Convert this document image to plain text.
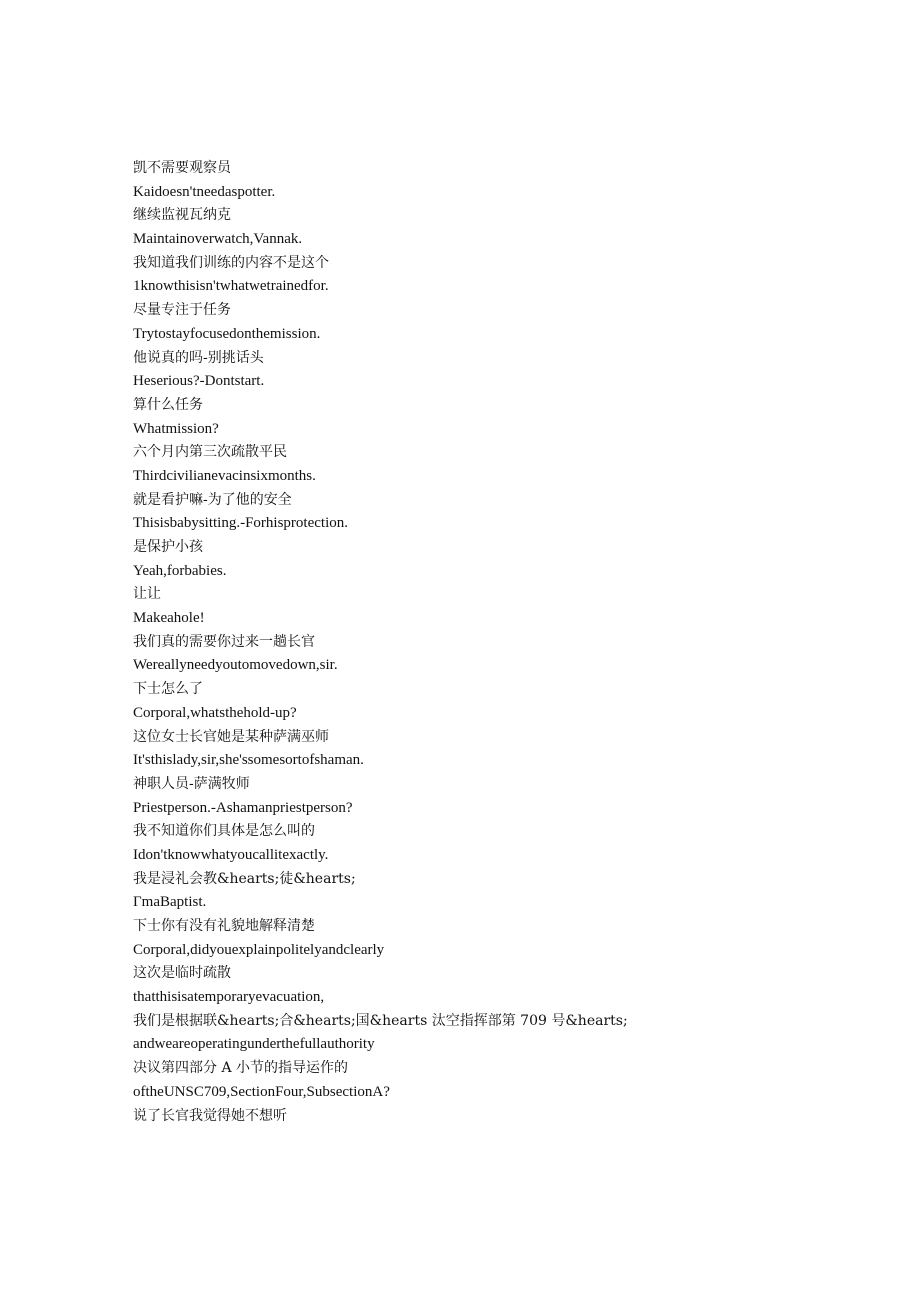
凯不需要观察员
Kaidoesn'tneedaspotter.
继续监视瓦纳克
Maintainoverwatch,Vannak.
我知道我们训练的内容不是这个
1knowthisisn'twhatwetrainedfor.
尽量专注于任务
Trytostayfocusedonthemission.
他说真的吗-别挑话头
Heserious?-Dontstart.
算什么任务
Whatmission?
六个月内第三次疏散平民
Thirdcivilianevacinsixmonths.
就是看护嘛-为了他的安全
Thisisbabysitting.-Forhisprotection.
是保护小孩
Yeah,forbabies.
让让
Makeahole!
我们真的需要你过来一趟长官
Wereallyneedyoutomovedown,sir.
下士怎么了
Corporal,whatsthehold-up?
这位女士长官她是某种萨满巫师
It'sthislady,sir,she'ssomesortofshaman.
神职人员-萨满牧师
Priestperson.-Ashamanpriestperson?
我不知道你们具体是怎么叫的
Idon'tknowwhatyoucallitexactly.
我是浸礼会教&hearts;徒&hearts;
ΓmaBaptist.
下士你有没有礼貌地解释清楚
Corporal,didyouexplainpolitelyandclearly
这次是临时疏散
thatthisisatemporaryevacuation,
我们是根据联&hearts;合&hearts;国&hearts 汰空指挥部第 709 号&hearts;
andweareoperatingunderthefullauthority
决议第四部分 A 小节的指导运作的
oftheUNSC709,SectionFour,SubsectionA?
说了长官我觉得她不想听
